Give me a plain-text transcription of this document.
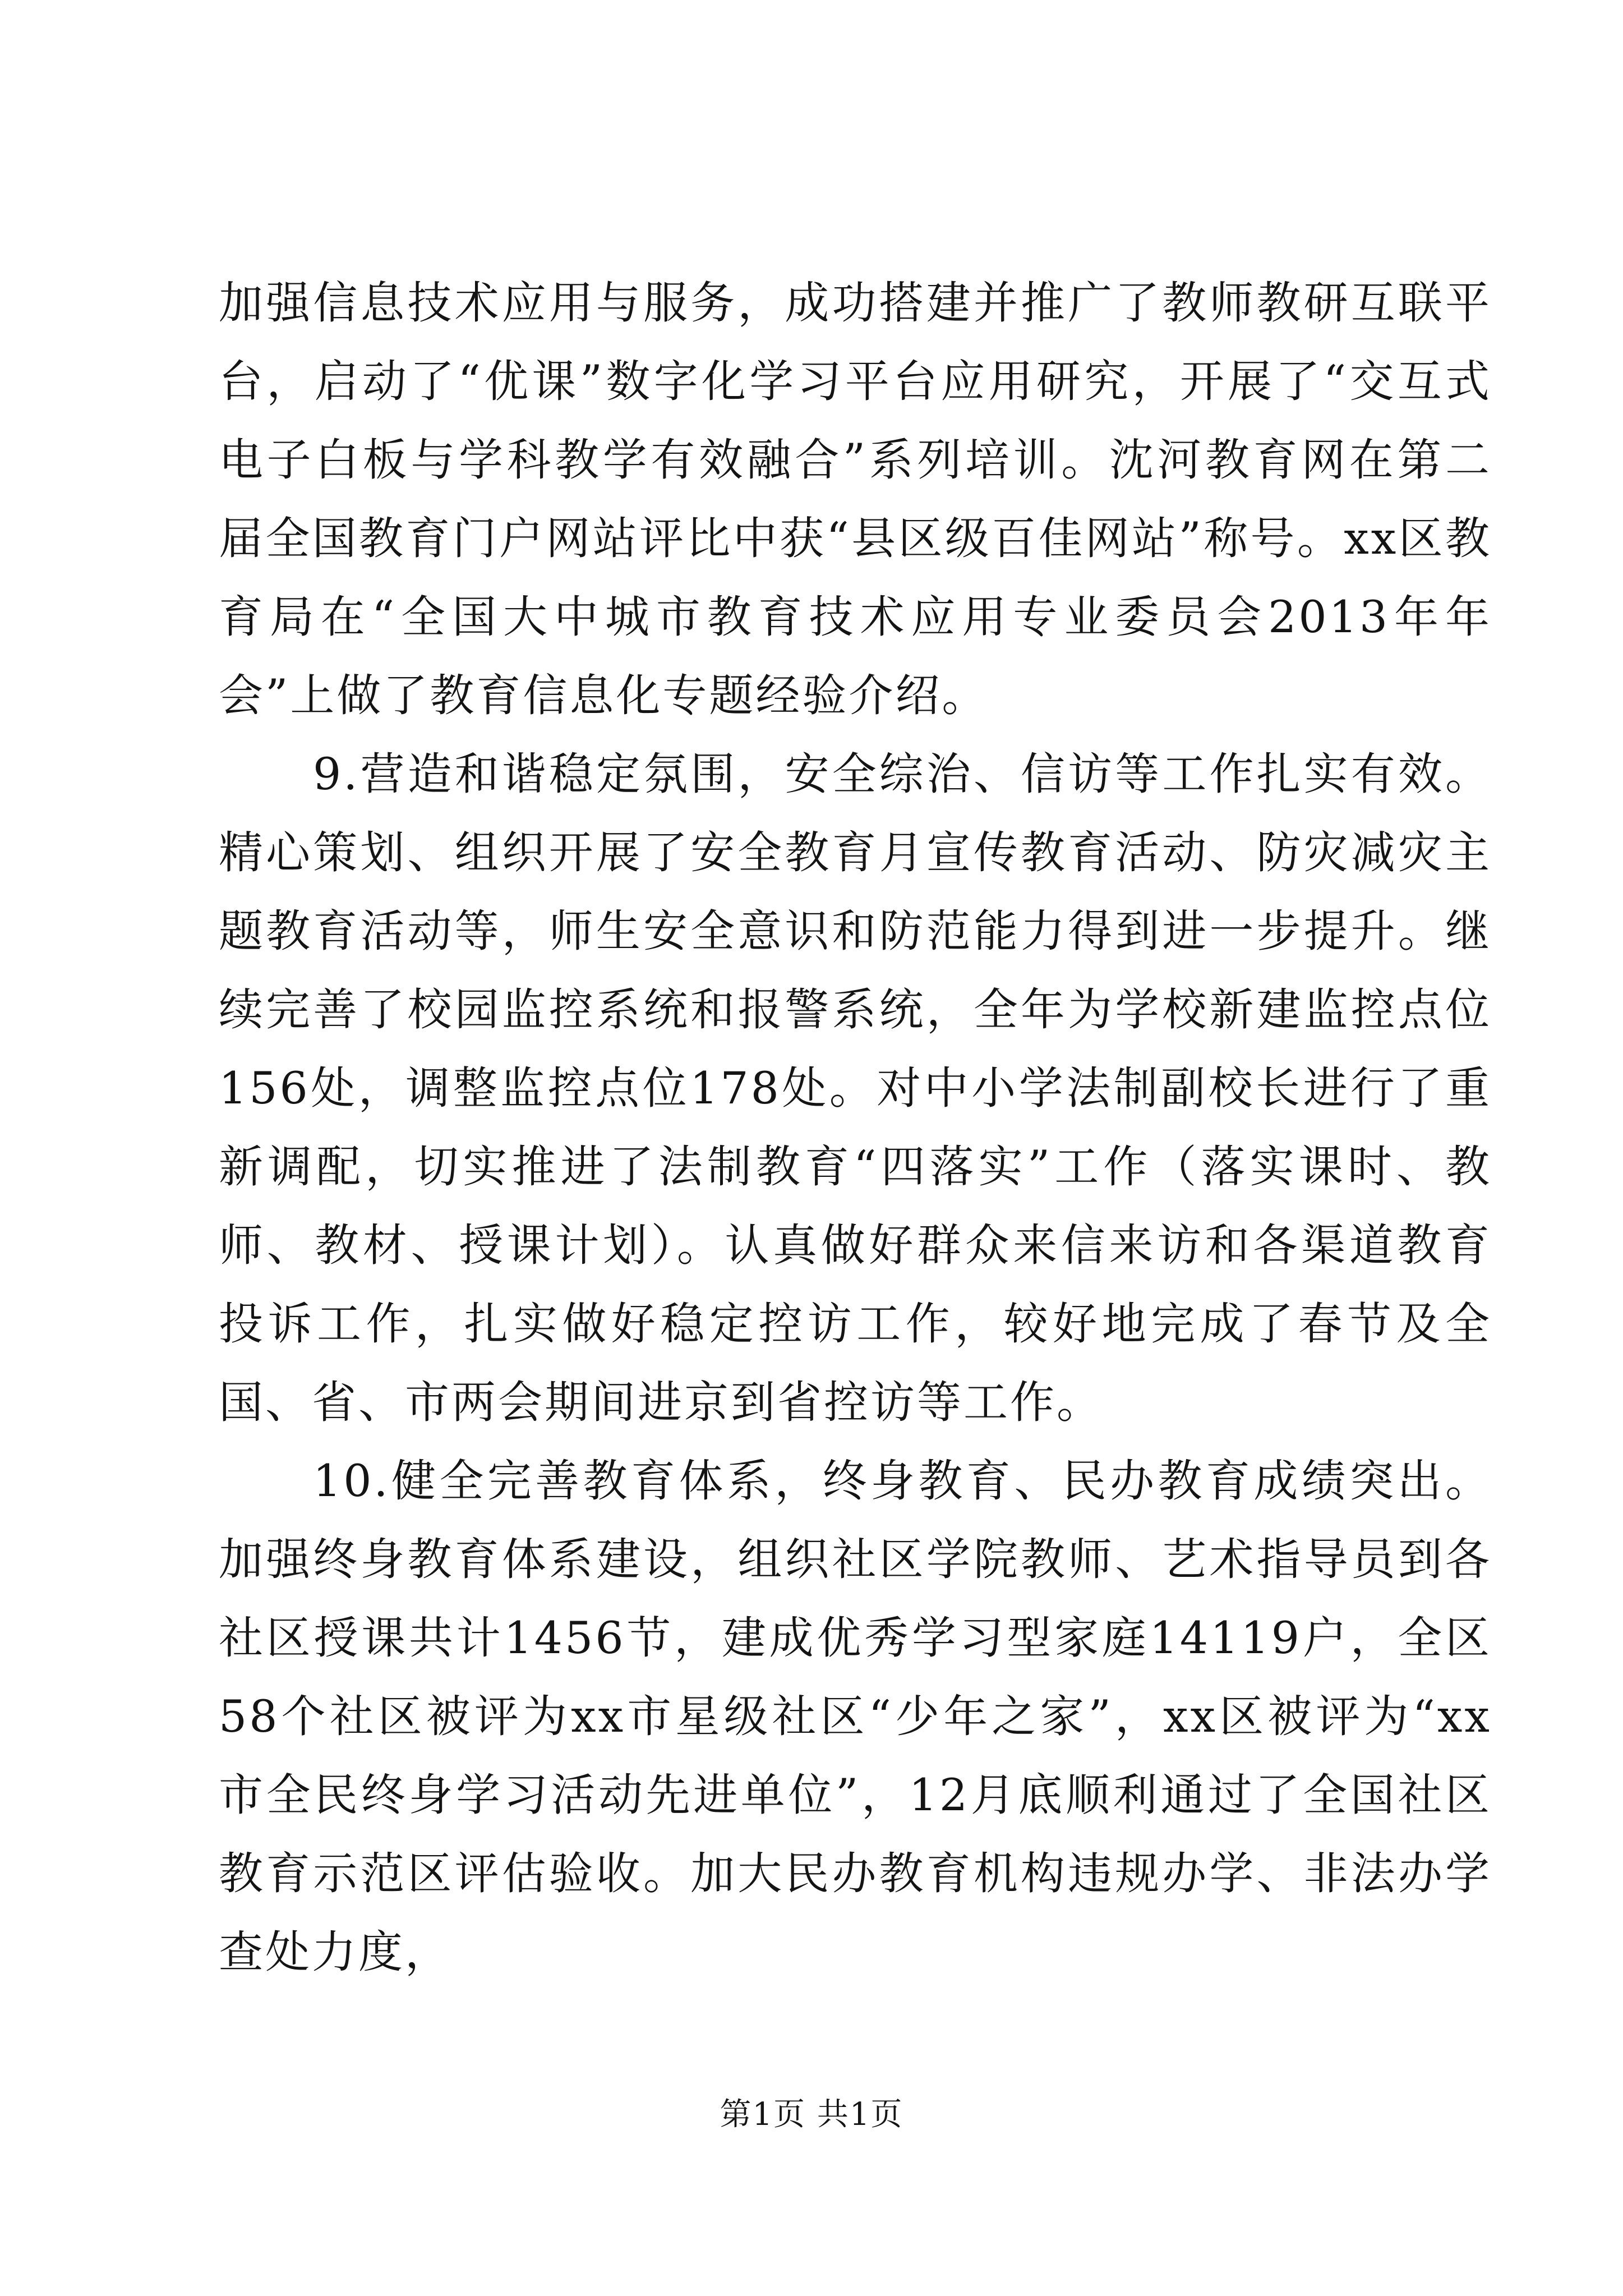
加强信息技术应用与服务，成功搭建并推广了教师教研互联平台，启动了“优课”数字化学习平台应用研究，开展了“交互式电子白板与学科教学有效融合”系列培训。沈河教育网在第二届全国教育门户网站评比中获“县区级百佳网站”称号。xx区教育局在“全国大中城市教育技术应用专业委员会2013年年会”上做了教育信息化专题经验介绍。

9.营造和谐稳定氛围，安全综治、信访等工作扎实有效。精心策划、组织开展了安全教育月宣传教育活动、防灾减灾主题教育活动等，师生安全意识和防范能力得到进一步提升。继续完善了校园监控系统和报警系统，全年为学校新建监控点位156处，调整监控点位178处。对中小学法制副校长进行了重新调配，切实推进了法制教育“四落实”工作（落实课时、教师、教材、授课计划）。认真做好群众来信来访和各渠道教育投诉工作，扎实做好稳定控访工作，较好地完成了春节及全国、省、市两会期间进京到省控访等工作。

10.健全完善教育体系，终身教育、民办教育成绩突出。加强终身教育体系建设，组织社区学院教师、艺术指导员到各社区授课共计1456节，建成优秀学习型家庭14119户，全区58个社区被评为xx市星级社区“少年之家”，xx区被评为“xx市全民终身学习活动先进单位”，12月底顺利通过了全国社区教育示范区评估验收。加大民办教育机构违规办学、非法办学查处力度，

第1页 共1页
